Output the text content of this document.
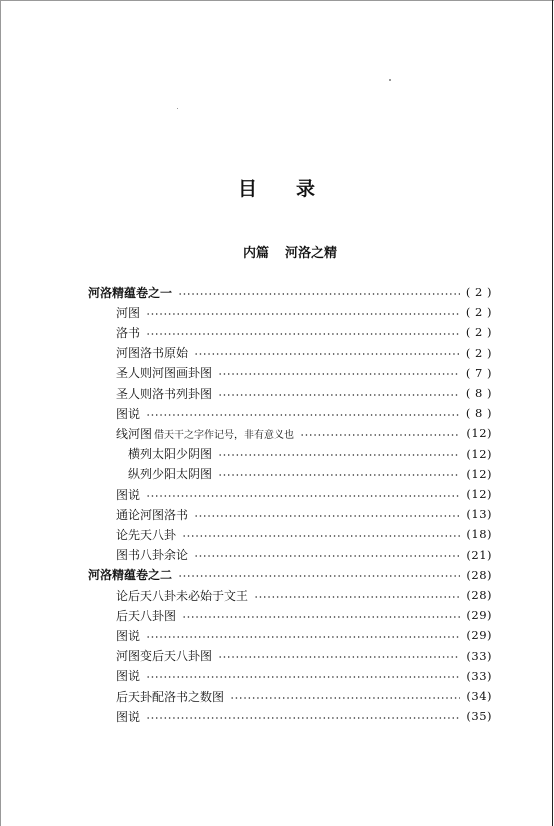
目 录
内篇 河洛之精
河洛精蕴卷之一	( 2 )
河图	( 2 )
洛书	( 2 )
河图洛书原始	( 2 )
圣人则河图画卦图	( 7 )
圣人则洛书列卦图	( 8 )
图说	( 8 )
线河图 借天干之字作记号，非有意义也	(12)
横列太阳少阴图	(12)
纵列少阳太阴图	(12)
图说	(12)
通论河图洛书	(13)
论先天八卦	(18)
图书八卦余论	(21)
河洛精蕴卷之二	(28)
论后天八卦未必始于文王	(28)
后天八卦图	(29)
图说	(29)
河图变后天八卦图	(33)
图说	(33)
后天卦配洛书之数图	(34)
图说	(35)
